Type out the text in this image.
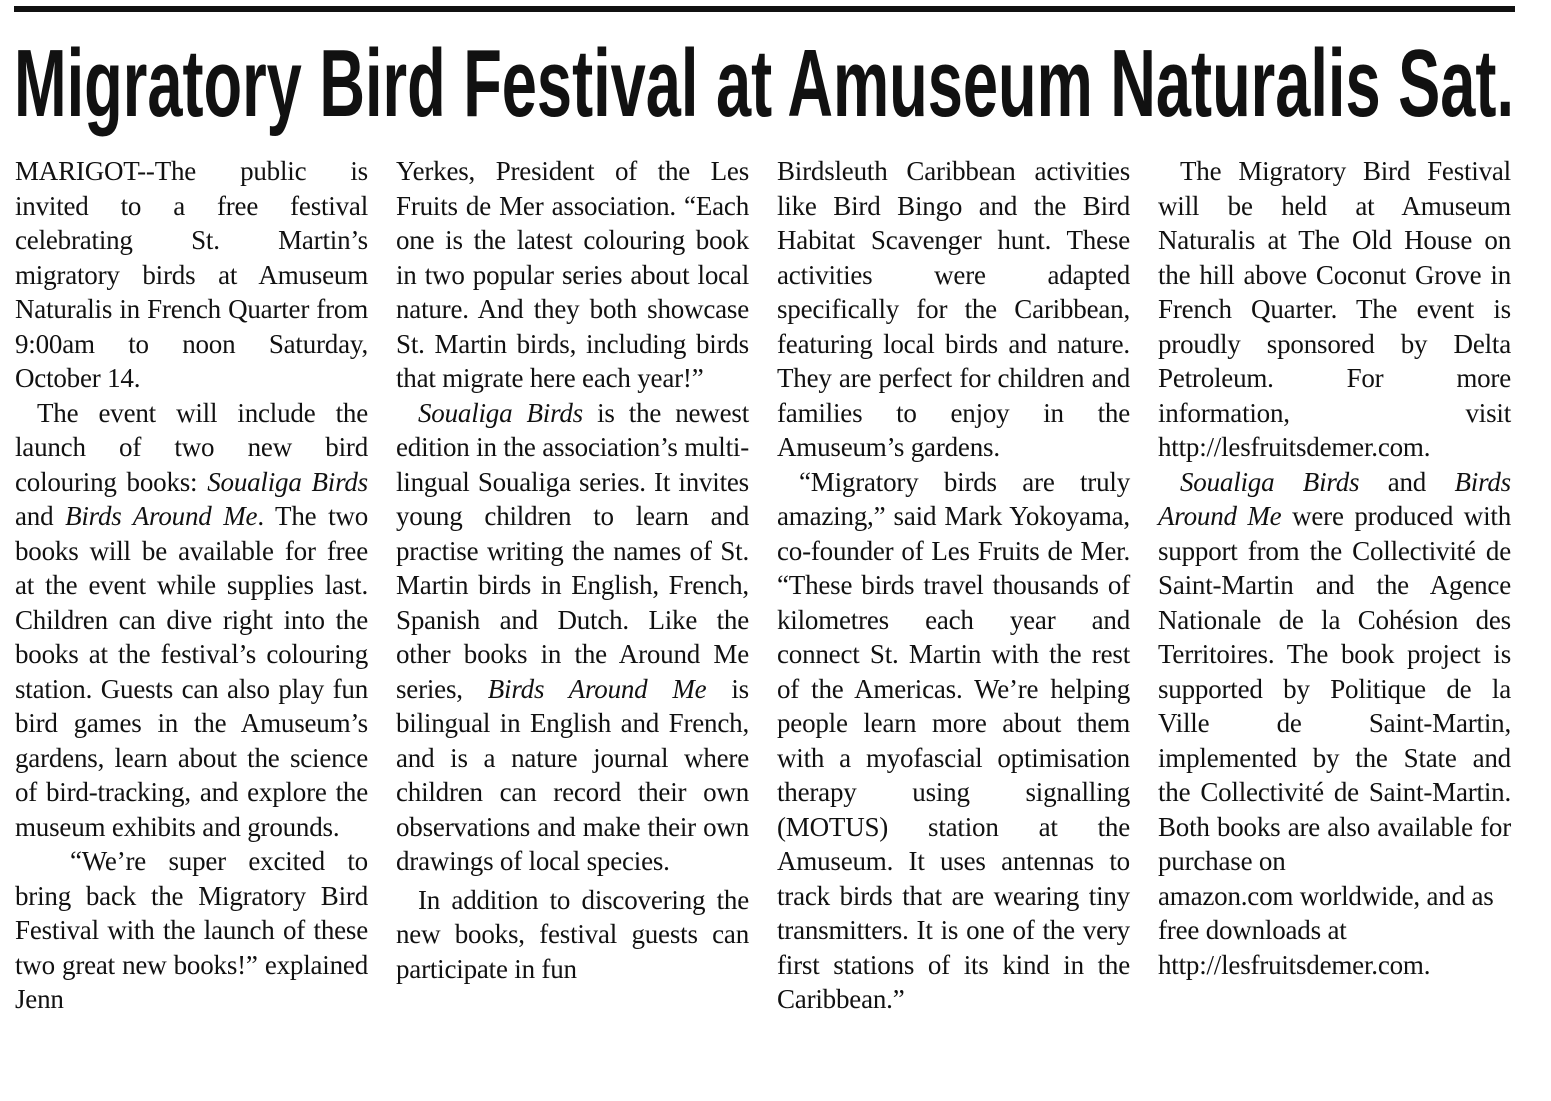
Migratory Bird Festival at Amuseum Naturalis Sat.

MARIGOT--The public is invited to a free festival celebrating St. Martin’s migratory birds at Amuseum Naturalis in French Quarter from 9:00am to noon Saturday, October 14.

The event will include the launch of two new bird colouring books: Soualiga Birds and Birds Around Me. The two books will be available for free at the event while supplies last. Children can dive right into the books at the festival’s colouring station. Guests can also play fun bird games in the Amuseum’s gardens, learn about the science of bird-tracking, and explore the museum exhibits and grounds.

“We’re super excited to bring back the Migratory Bird Festival with the launch of these two great new books!” explained Jenn

Yerkes, President of the Les Fruits de Mer association. “Each one is the latest colouring book in two popular series about local nature. And they both showcase St. Martin birds, including birds that migrate here each year!”

Soualiga Birds is the newest edition in the association’s multi-lingual Soualiga series. It invites young children to learn and practise writing the names of St. Martin birds in English, French, Spanish and Dutch. Like the other books in the Around Me series, Birds Around Me is bilingual in English and French, and is a nature journal where children can record their own observations and make their own drawings of local species.

In addition to discovering the new books, festival guests can participate in fun

Birdsleuth Caribbean activities like Bird Bingo and the Bird Habitat Scavenger hunt. These activities were adapted specifically for the Caribbean, featuring local birds and nature. They are perfect for children and families to enjoy in the Amuseum’s gardens.

“Migratory birds are truly amazing,” said Mark Yokoyama, co-founder of Les Fruits de Mer. “These birds travel thousands of kilometres each year and connect St. Martin with the rest of the Americas. We’re helping people learn more about them with a myofascial optimisation therapy using signalling (MOTUS) station at the Amuseum. It uses antennas to track birds that are wearing tiny transmitters. It is one of the very first stations of its kind in the Caribbean.”

The Migratory Bird Festival will be held at Amuseum Naturalis at The Old House on the hill above Coconut Grove in French Quarter. The event is proudly sponsored by Delta Petroleum. For more information, visit http://lesfruitsdemer.com.

Soualiga Birds and Birds Around Me were produced with support from the Collectivité de Saint-Martin and the Agence Nationale de la Cohésion des Territoires. The book project is supported by Politique de la Ville de Saint-Martin, implemented by the State and the Collectivité de Saint-Martin. Both books are also available for purchase on

amazon.com worldwide, and as free downloads at http://lesfruitsdemer.com.
